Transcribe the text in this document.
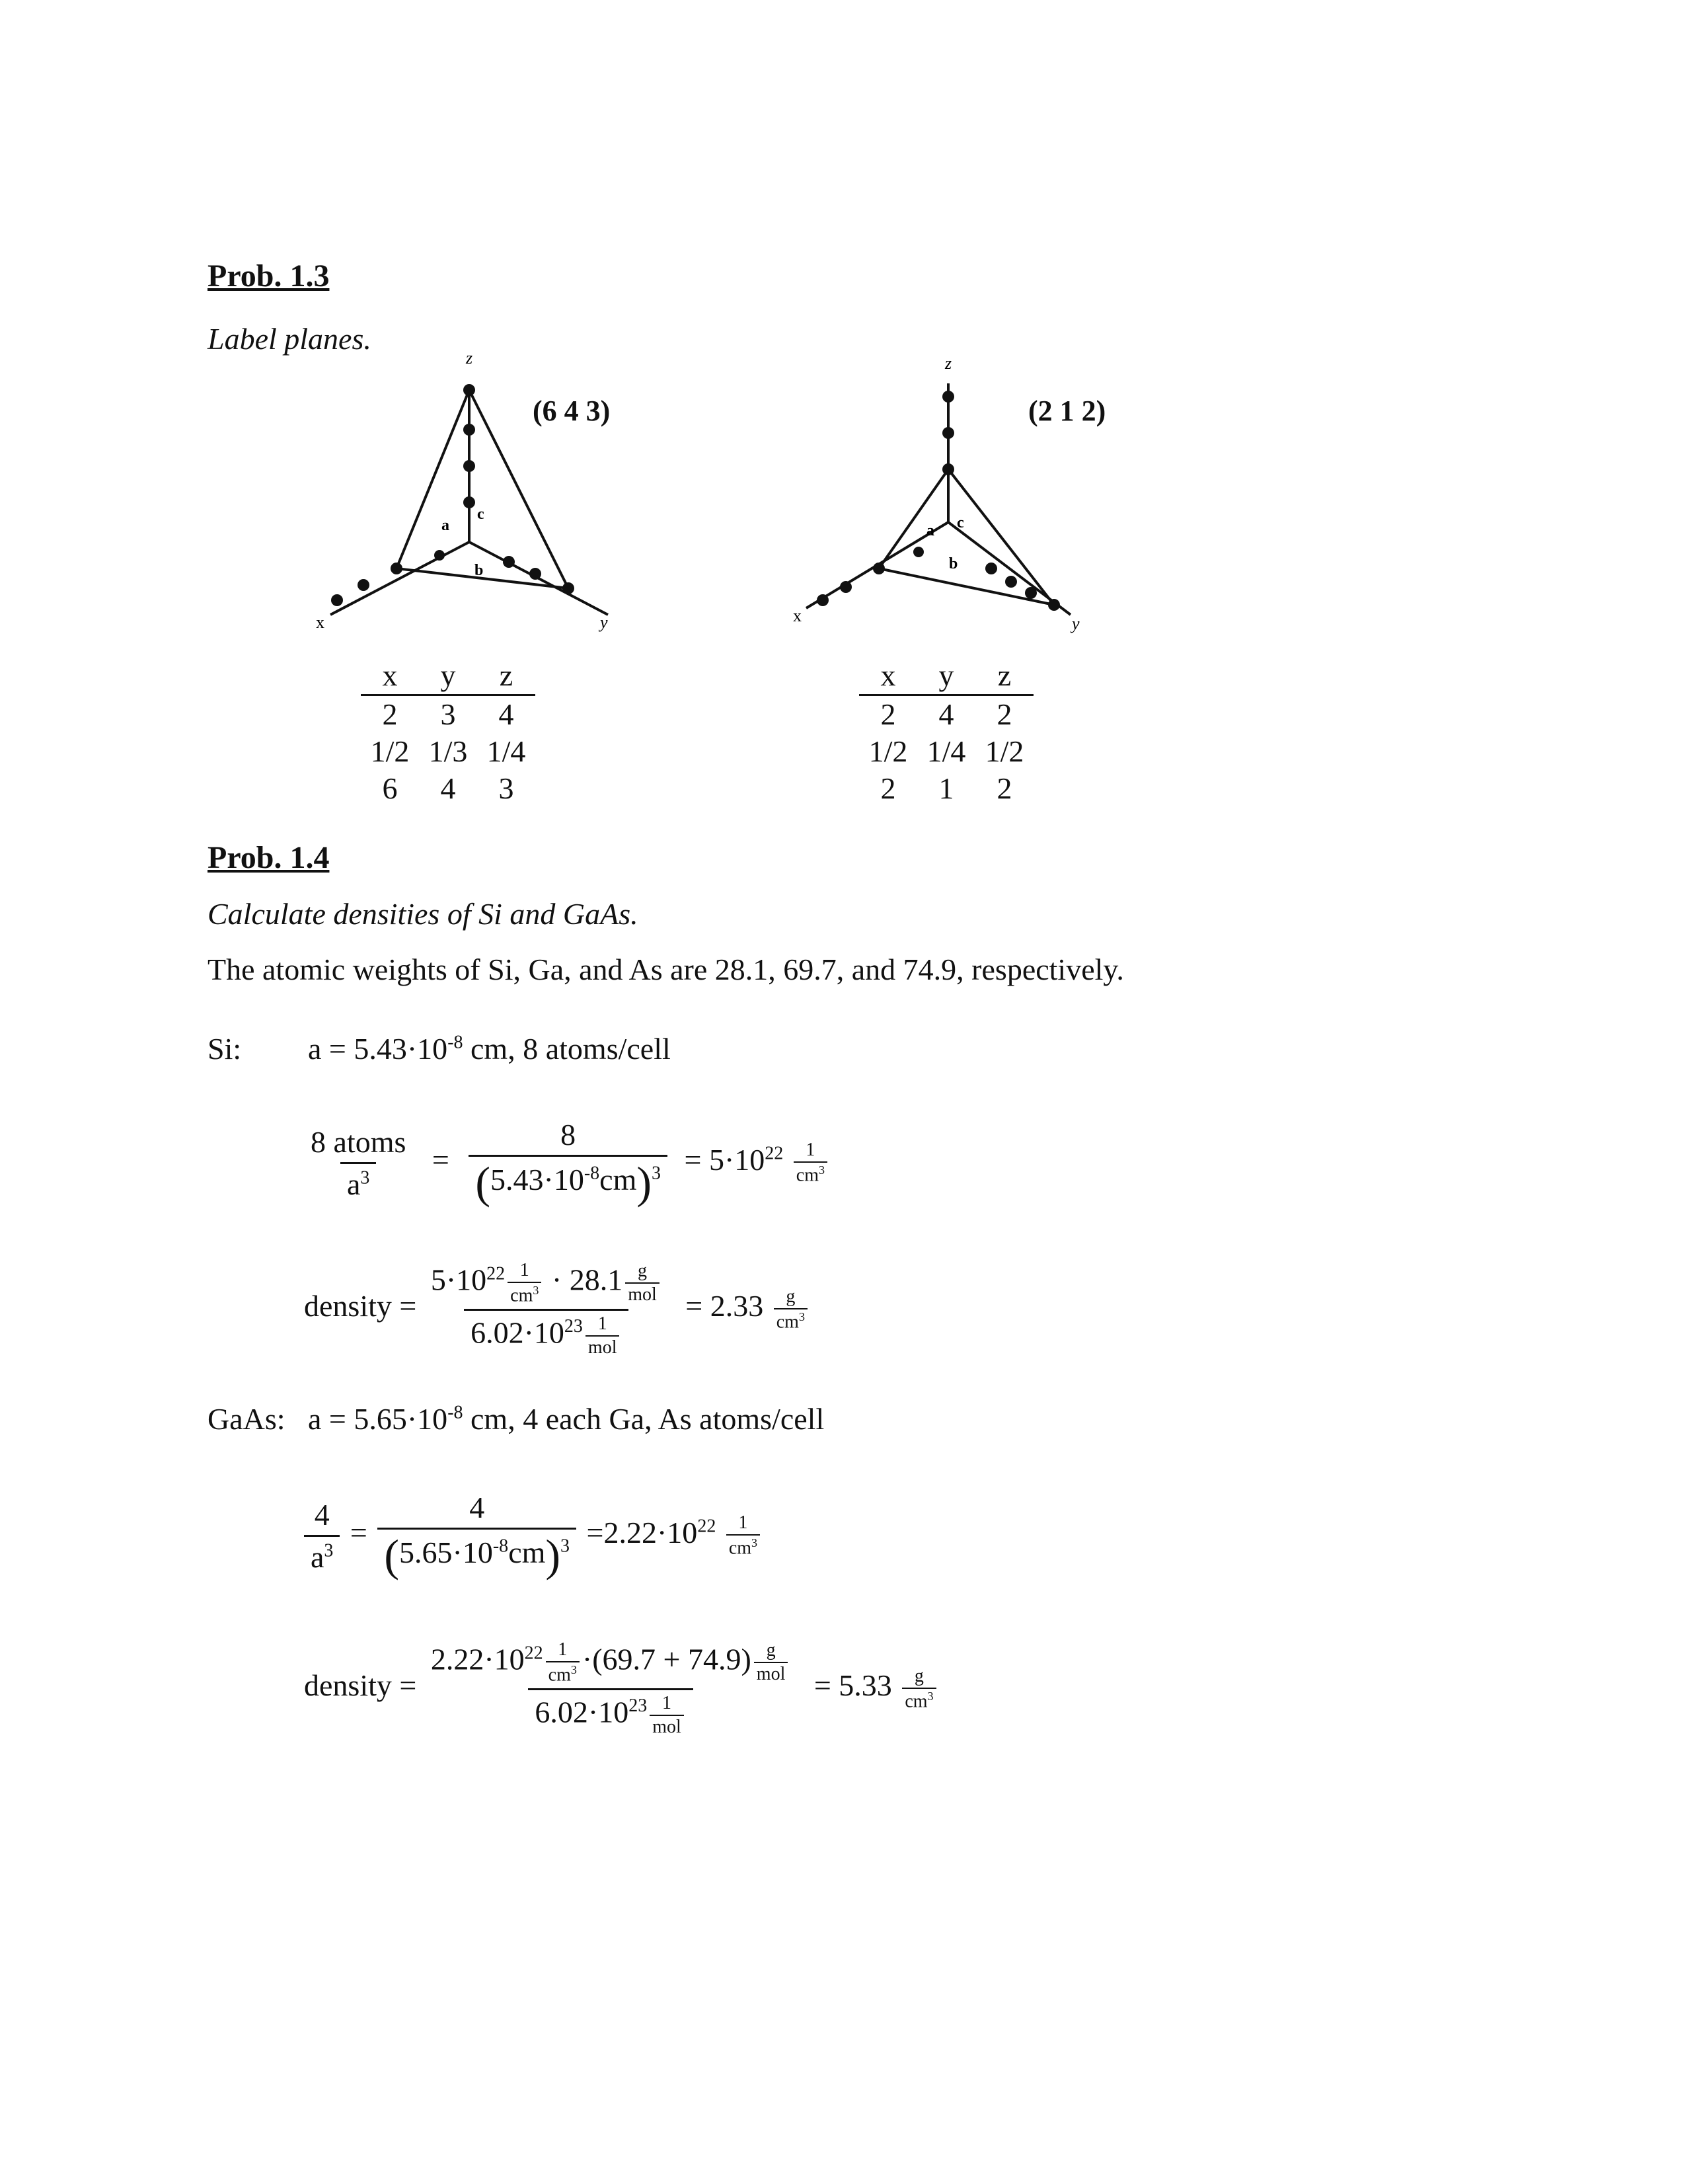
Prob. 1.3
Label planes.
z
x	y
a
c
b
(6 4 3)
z
x	y
a c
b
(2 1 2)
x	y	z
2	3	4
1/2 1/3 1/4
6	4	3
x	y	z
2	4	2
1/2 1/4 1/2
2	1	2
Prob. 1.4
Calculate densities of Si and GaAs.
The atomic weights of Si, Ga, and As are 28.1, 69.7, and 74.9, respectively.
Si: $a = 5.43\cdot 10^{-8}$ cm, 8 atoms/cell
$\frac{\text{8 atoms}}{a^3} = \frac{8}{(5.43\cdot 10^{-8}cm)^3} = 5\cdot 10^{22} \frac{1}{cm^3}$
density = $\frac{5\cdot 10^{22} \frac{1}{cm^3} \cdot 28.1 \frac{g}{\text{mol}}}{6.02\cdot 10^{23} \frac{1}{\text{mol}}} = 2.33 \frac{g}{cm^3}$
GaAs: $a = 5.65\cdot 10^{-8}$ cm, 4 each Ga, As atoms/cell
$\frac{4}{a^3} = \frac{4}{(5.65\cdot 10^{-8}cm)^3} =2.22\cdot 10^{22} \frac{1}{cm^3}$
density = $\frac{2.22\cdot 10^{22} \frac{1}{cm^3} \cdot(69.7 + 74.9) \frac{g}{\text{mol}}}{6.02\cdot 10^{23} \frac{1}{\text{mol}}} = 5.33 \frac{g}{cm^3}$
